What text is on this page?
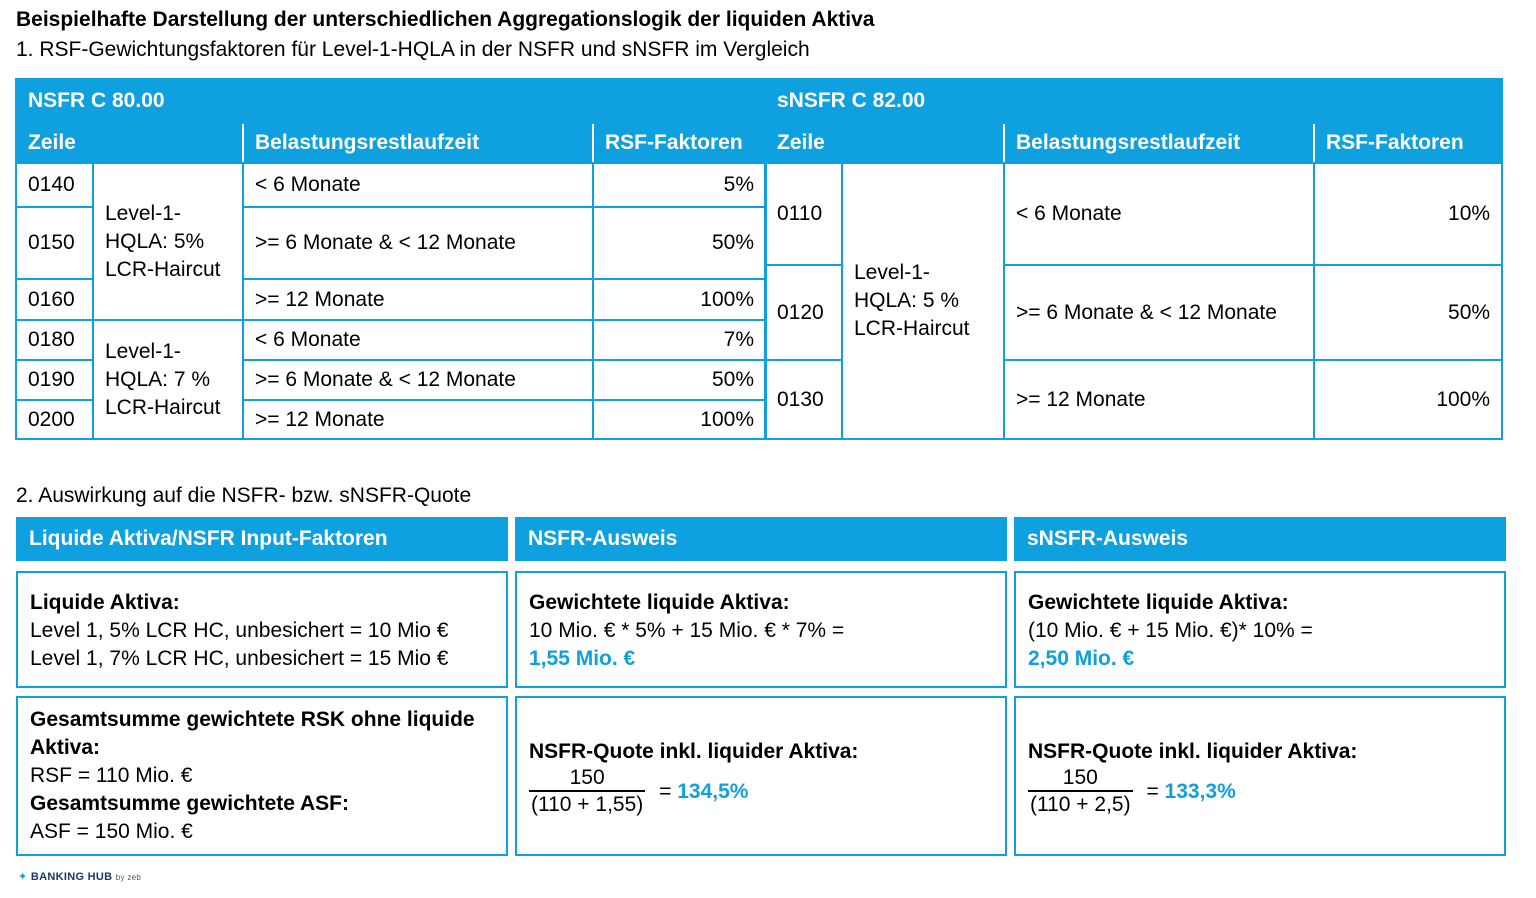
Beispielhafte Darstellung der unterschiedlichen Aggregationslogik der liquiden Aktiva
1. RSF-Gewichtungsfaktoren für Level-1-HQLA in der NSFR und sNSFR im Vergleich
NSFR C 80.00			
Zeile		Belastungsrestlaufzeit	RSF-Faktoren
0140	Level-1-HQLA: 5% LCR-Haircut	< 6 Monate	5%
0150		>= 6 Monate & < 12 Monate	50%
0160		>= 12 Monate	100%
0180	Level-1-HQLA: 7 % LCR-Haircut	< 6 Monate	7%
0190		>= 6 Monate & < 12 Monate	50%
0200		>= 12 Monate	100%
sNSFR C 82.00			
Zeile		Belastungsrestlaufzeit	RSF-Faktoren
0110	Level-1-HQLA: 5 % LCR-Haircut	< 6 Monate	10%
0120		>= 6 Monate & < 12 Monate	50%
0130		>= 12 Monate	100%
2. Auswirkung auf die NSFR- bzw. sNSFR-Quote
Liquide Aktiva/NSFR Input-Faktoren	NSFR-Ausweis	sNSFR-Ausweis
Liquide Aktiva:
Level 1, 5% LCR HC, unbesichert = 10 Mio €
Level 1, 7% LCR HC, unbesichert = 15 Mio €
Gewichtete liquide Aktiva:
10 Mio. € * 5% + 15 Mio. € * 7% =
1,55 Mio. €
Gewichtete liquide Aktiva:
(10 Mio. € + 15 Mio. €)* 10% =
2,50 Mio. €
Gesamtsumme gewichtete RSK ohne liquide Aktiva:
RSF = 110 Mio. €
Gesamtsumme gewichtete ASF:
ASF = 150 Mio. €
NSFR-Quote inkl. liquider Aktiva:
$\frac{150}{(110 + 1,55)} = 134,5\%$
NSFR-Quote inkl. liquider Aktiva:
$\frac{150}{(110 + 2,5)} = 133,3\%$
✦ BANKING HUB by zeb
